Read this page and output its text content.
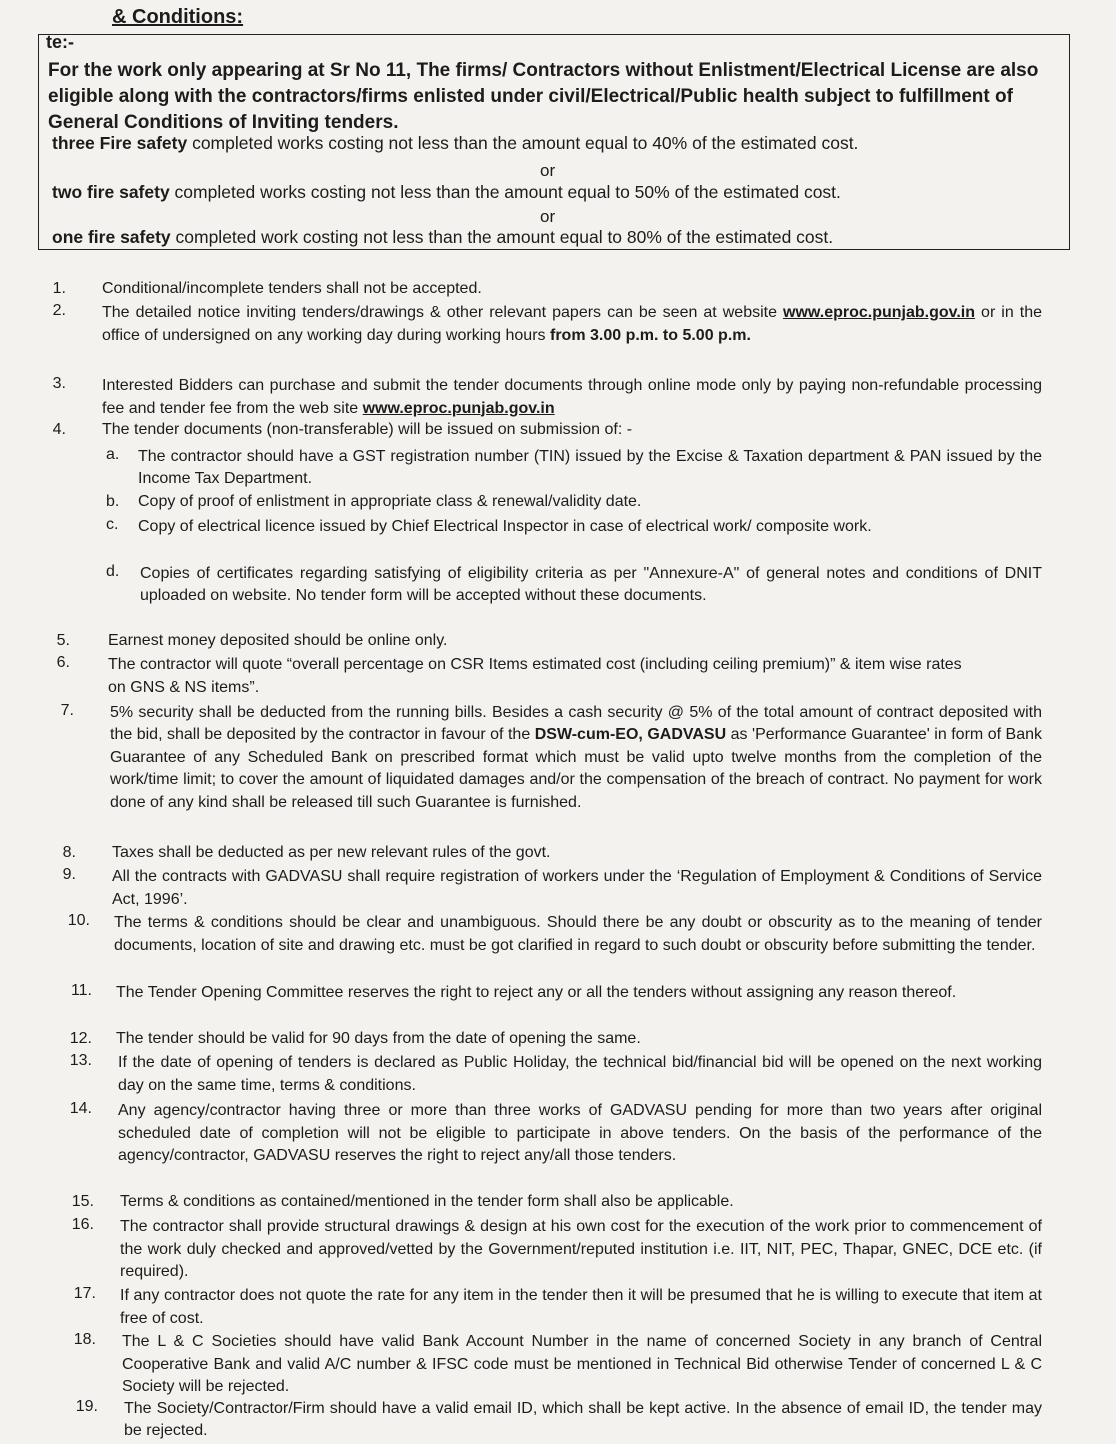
& Conditions:
te:-
For the work only appearing at Sr No 11, The firms/ Contractors without Enlistment/Electrical License are also eligible along with the contractors/firms enlisted under civil/Electrical/Public health subject to fulfillment of General Conditions of Inviting tenders.
three Fire safety completed works costing not less than the amount equal to 40% of the estimated cost.
or
two fire safety completed works costing not less than the amount equal to 50% of the estimated cost.
or
one fire safety completed work costing not less than the amount equal to 80% of the estimated cost.
1. Conditional/incomplete tenders shall not be accepted.
2. The detailed notice inviting tenders/drawings & other relevant papers can be seen at website www.eproc.punjab.gov.in or in the office of undersigned on any working day during working hours from 3.00 p.m. to 5.00 p.m.
3. Interested Bidders can purchase and submit the tender documents through online mode only by paying non-refundable processing fee and tender fee from the web site www.eproc.punjab.gov.in
4. The tender documents (non-transferable) will be issued on submission of: -
a. The contractor should have a GST registration number (TIN) issued by the Excise & Taxation department & PAN issued by the Income Tax Department.
b. Copy of proof of enlistment in appropriate class & renewal/validity date.
c. Copy of electrical licence issued by Chief Electrical Inspector in case of electrical work/ composite work.
d. Copies of certificates regarding satisfying of eligibility criteria as per "Annexure-A" of general notes and conditions of DNIT uploaded on website. No tender form will be accepted without these documents.
5. Earnest money deposited should be online only.
6. The contractor will quote “overall percentage on CSR Items estimated cost (including ceiling premium)” & item wise rates on GNS & NS items”.
7. 5% security shall be deducted from the running bills. Besides a cash security @ 5% of the total amount of contract deposited with the bid, shall be deposited by the contractor in favour of the DSW-cum-EO, GADVASU as 'Performance Guarantee' in form of Bank Guarantee of any Scheduled Bank on prescribed format which must be valid upto twelve months from the completion of the work/time limit; to cover the amount of liquidated damages and/or the compensation of the breach of contract. No payment for work done of any kind shall be released till such Guarantee is furnished.
8. Taxes shall be deducted as per new relevant rules of the govt.
9. All the contracts with GADVASU shall require registration of workers under the ‘Regulation of Employment & Conditions of Service Act, 1996’.
10. The terms & conditions should be clear and unambiguous. Should there be any doubt or obscurity as to the meaning of tender documents, location of site and drawing etc. must be got clarified in regard to such doubt or obscurity before submitting the tender.
11. The Tender Opening Committee reserves the right to reject any or all the tenders without assigning any reason thereof.
12. The tender should be valid for 90 days from the date of opening the same.
13. If the date of opening of tenders is declared as Public Holiday, the technical bid/financial bid will be opened on the next working day on the same time, terms & conditions.
14. Any agency/contractor having three or more than three works of GADVASU pending for more than two years after original scheduled date of completion will not be eligible to participate in above tenders. On the basis of the performance of the agency/contractor, GADVASU reserves the right to reject any/all those tenders.
15. Terms & conditions as contained/mentioned in the tender form shall also be applicable.
16. The contractor shall provide structural drawings & design at his own cost for the execution of the work prior to commencement of the work duly checked and approved/vetted by the Government/reputed institution i.e. IIT, NIT, PEC, Thapar, GNEC, DCE etc. (if required).
17. If any contractor does not quote the rate for any item in the tender then it will be presumed that he is willing to execute that item at free of cost.
18. The L & C Societies should have valid Bank Account Number in the name of concerned Society in any branch of Central Cooperative Bank and valid A/C number & IFSC code must be mentioned in Technical Bid otherwise Tender of concerned L & C Society will be rejected.
19. The Society/Contractor/Firm should have a valid email ID, which shall be kept active. In the absence of email ID, the tender may be rejected.
